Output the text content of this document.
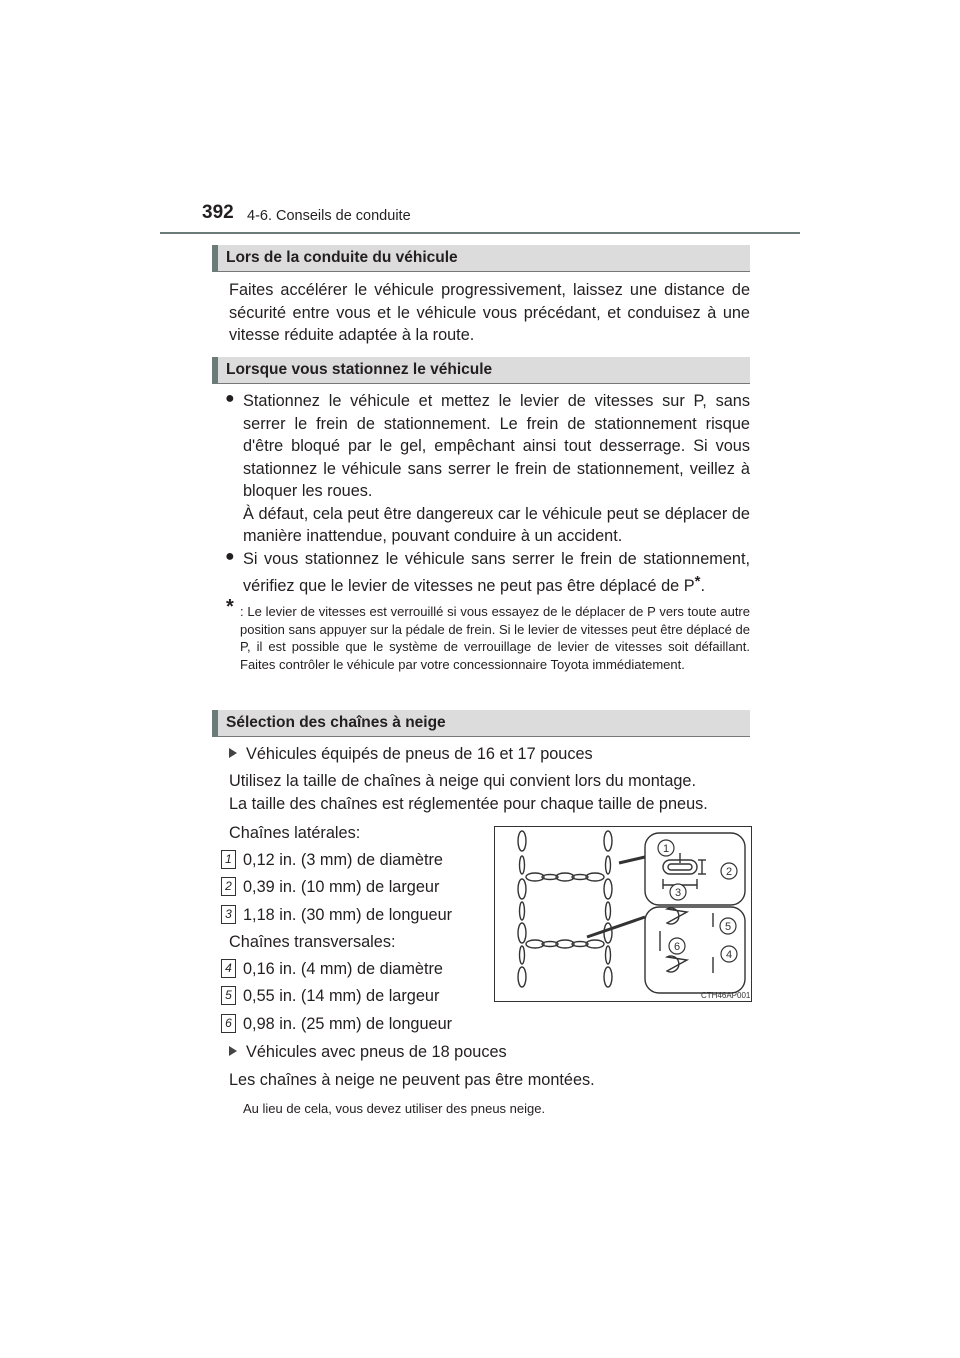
392 4-6. Conseils de conduite
Lors de la conduite du véhicule
Faites accélérer le véhicule progressivement, laissez une distance de sécurité entre vous et le véhicule vous précédant, et conduisez à une vitesse réduite adaptée à la route.
Lorsque vous stationnez le véhicule
● Stationnez le véhicule et mettez le levier de vitesses sur P, sans serrer le frein de stationnement. Le frein de stationnement risque d'être bloqué par le gel, empêchant ainsi tout desserrage. Si vous stationnez le véhicule sans serrer le frein de stationnement, veillez à bloquer les roues.
À défaut, cela peut être dangereux car le véhicule peut se déplacer de manière inattendue, pouvant conduire à un accident.
● Si vous stationnez le véhicule sans serrer le frein de stationnement, vérifiez que le levier de vitesses ne peut pas être déplacé de P*.
* : Le levier de vitesses est verrouillé si vous essayez de le déplacer de P vers toute autre position sans appuyer sur la pédale de frein. Si le levier de vitesses peut être déplacé de P, il est possible que le système de verrouillage de levier de vitesses soit défaillant. Faites contrôler le véhicule par votre concessionnaire Toyota immédiatement.
Sélection des chaînes à neige
Véhicules équipés de pneus de 16 et 17 pouces
Utilisez la taille de chaînes à neige qui convient lors du montage.
La taille des chaînes est réglementée pour chaque taille de pneus.
Chaînes latérales:
1 0,12 in. (3 mm) de diamètre
2 0,39 in. (10 mm) de largeur
3 1,18 in. (30 mm) de longueur
Chaînes transversales:
4 0,16 in. (4 mm) de diamètre
5 0,55 in. (14 mm) de largeur
6 0,98 in. (25 mm) de longueur
Véhicules avec pneus de 18 pouces
Les chaînes à neige ne peuvent pas être montées.
Au lieu de cela, vous devez utiliser des pneus neige.
1
2
3
4
5
6
CTH46AP001
